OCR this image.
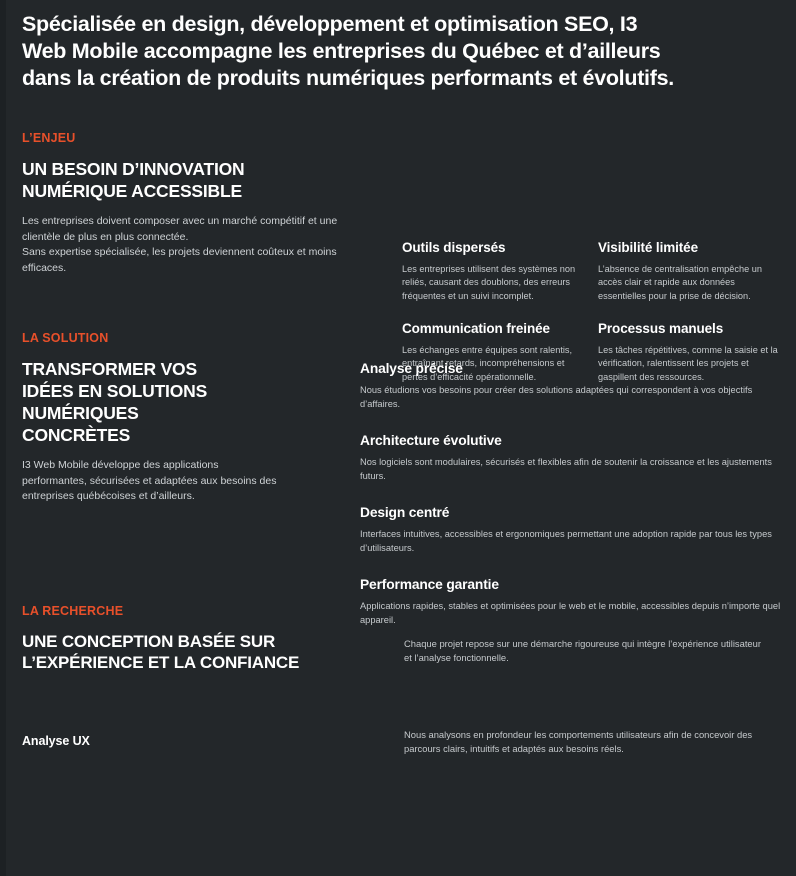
Spécialisée en design, développement et optimisation SEO, I3
Web Mobile accompagne les entreprises du Québec et d’ailleurs
dans la création de produits numériques performants et évolutifs.
L’ENJEU
UN BESOIN D’INNOVATION
NUMÉRIQUE ACCESSIBLE
Les entreprises doivent composer avec un marché compétitif et une
clientèle de plus en plus connectée.
Sans expertise spécialisée, les projets deviennent coûteux et moins
efficaces.
Outils dispersés
Les entreprises utilisent des systèmes non reliés, causant des doublons, des erreurs fréquentes et un suivi incomplet.
Communication freinée
Les échanges entre équipes sont ralentis, entraînant retards, incompréhensions et pertes d’efficacité opérationnelle.
Visibilité limitée
L’absence de centralisation empêche un accès clair et rapide aux données essentielles pour la prise de décision.
Processus manuels
Les tâches répétitives, comme la saisie et la vérification, ralentissent les projets et gaspillent des ressources.
LA SOLUTION
TRANSFORMER VOS
IDÉES EN SOLUTIONS
NUMÉRIQUES
CONCRÈTES
I3 Web Mobile développe des applications
performantes, sécurisées et adaptées aux besoins des
entreprises québécoises et d’ailleurs.
Analyse précise
Nous étudions vos besoins pour créer des solutions adaptées qui correspondent à vos objectifs d’affaires.
Architecture évolutive
Nos logiciels sont modulaires, sécurisés et flexibles afin de soutenir la croissance et les ajustements futurs.
Design centré
Interfaces intuitives, accessibles et ergonomiques permettant une adoption rapide par tous les types d’utilisateurs.
Performance garantie
Applications rapides, stables et optimisées pour le web et le mobile, accessibles depuis n’importe quel appareil.
LA RECHERCHE
UNE CONCEPTION BASÉE SUR
L’EXPÉRIENCE ET LA CONFIANCE
Analyse UX
Chaque projet repose sur une démarche rigoureuse qui intègre l’expérience utilisateur et l’analyse fonctionnelle.
Nous analysons en profondeur les comportements utilisateurs afin de concevoir des parcours clairs, intuitifs et adaptés aux besoins réels.
